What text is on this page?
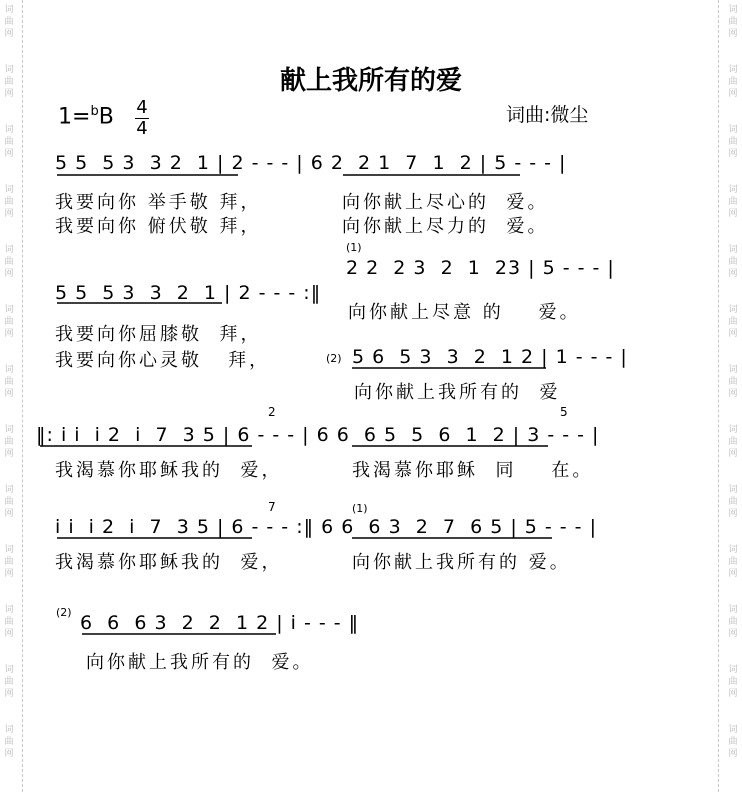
词
曲
网
词
曲
网
词
曲
网
词
曲
网
词
曲
网
词
曲
网
词
曲
网
词
曲
网
词
曲
网
词
曲
网
词
曲
网
词
曲
网
词
曲
网
词
曲
网
词
曲
网
词
曲
网
词
曲
网
词
曲
网
词
曲
网
词
曲
网
词
曲
网
词
曲
网
词
曲
网
词
曲
网
词
曲
网
词
曲
网
献上我所有的爱
1=$^b$B 4
4
词曲:微尘
5 5  5 3  3 2  1 | 2 - - - | 6 2  2 1  7  1  2 | 5 - - - |
我要向你 举手敬 拜，
我要向你 俯伏敬 拜，
向你献上尽心的  爱。
向你献上尽力的  爱。
(1)
2 2  2 3  2  1  23 | 5 - - - |
5 5  5 3  3  2  1 | 2 - - - :‖
向你献上尽意 的    爱。
我要向你屈膝敬  拜，
我要向你心灵敬   拜，	(2) 5 6  5 3  3  2  1 2 | 1 - - - |
向你献上我所有的  爱
2	5
‖: i i  i 2  i  7  3 5 | 6 - - - | 6 6  6 5  5  6  1  2 | 3 - - - |
我渴慕你耶稣我的  爱，	我渴慕你耶稣  同    在。
7	(1)
i i  i 2  i  7  3 5 | 6 - - - :‖ 6 6  6 3  2  7  6 5 | 5 - - - |
我渴慕你耶稣我的  爱，	向你献上我所有的 爱。
(2) 6  6  6 3  2  2  1 2 | i - - - ‖
向你献上我所有的  爱。
